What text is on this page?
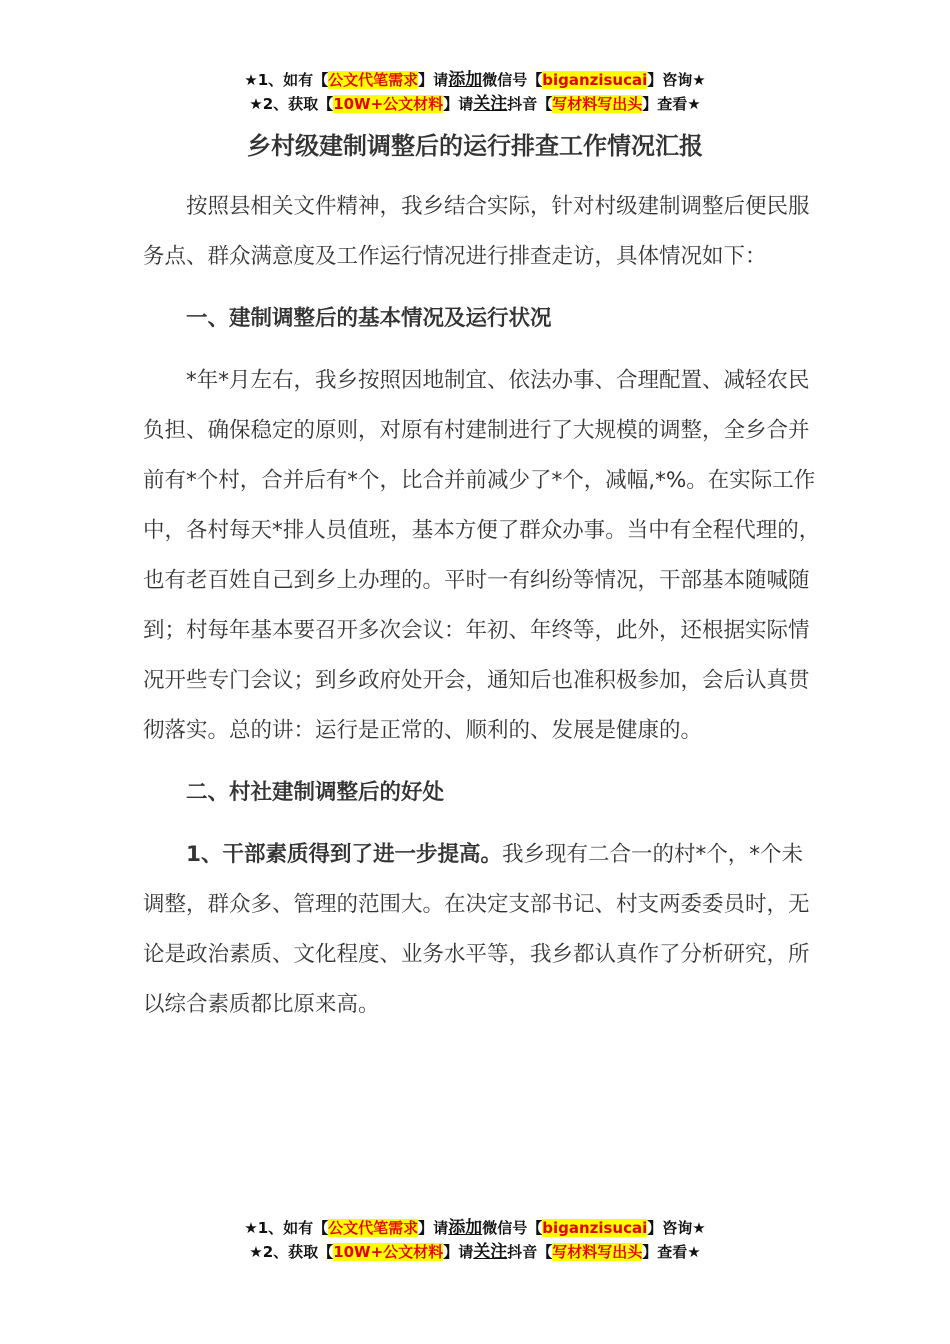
★1、如有【公文代笔需求】请添加微信号【biganzisucai】咨询★
★2、获取【10W+公文材料】请关注抖音【写材料写出头】查看★
乡村级建制调整后的运行排查工作情况汇报

按照县相关文件精神，我乡结合实际，针对村级建制调整后便民服务点、群众满意度及工作运行情况进行排查走访，具体情况如下：

一、建制调整后的基本情况及运行状况

*年*月左右，我乡按照因地制宜、依法办事、合理配置、减轻农民负担、确保稳定的原则，对原有村建制进行了大规模的调整，全乡合并前有*个村，合并后有*个，比合并前减少了*个，减幅,*%。在实际工作中，各村每天*排人员值班，基本方便了群众办事。当中有全程代理的，也有老百姓自己到乡上办理的。平时一有纠纷等情况，干部基本随喊随到；村每年基本要召开多次会议：年初、年终等，此外，还根据实际情况开些专门会议；到乡政府处开会，通知后也准积极参加，会后认真贯彻落实。总的讲：运行是正常的、顺利的、发展是健康的。

二、村社建制调整后的好处

1、干部素质得到了进一步提高。我乡现有二合一的村*个，*个未调整，群众多、管理的范围大。在决定支部书记、村支两委委员时，无论是政治素质、文化程度、业务水平等，我乡都认真作了分析研究，所以综合素质都比原来高。

★1、如有【公文代笔需求】请添加微信号【biganzisucai】咨询★
★2、获取【10W+公文材料】请关注抖音【写材料写出头】查看★
